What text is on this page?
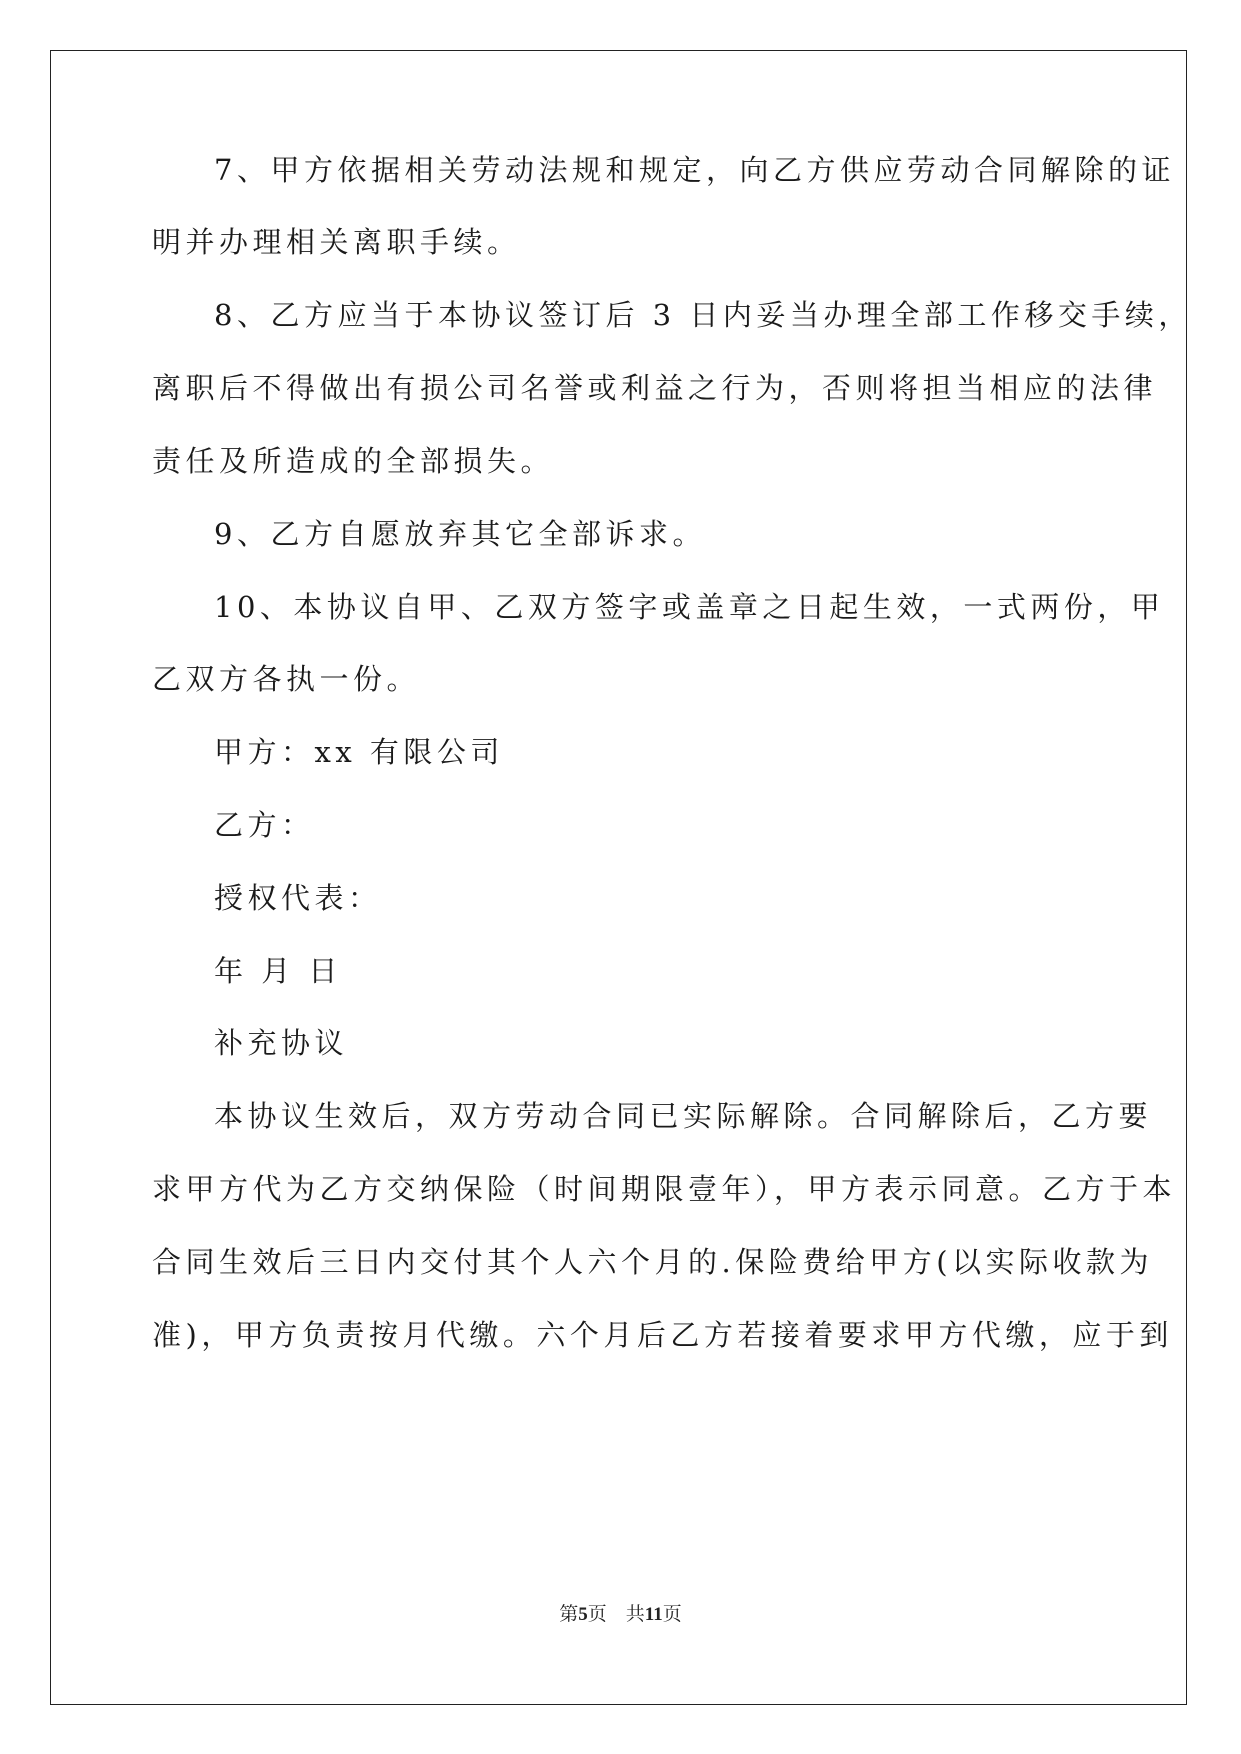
7、甲方依据相关劳动法规和规定，向乙方供应劳动合同解除的证
明并办理相关离职手续。
8、乙方应当于本协议签订后 3 日内妥当办理全部工作移交手续，
离职后不得做出有损公司名誉或利益之行为，否则将担当相应的法律
责任及所造成的全部损失。
9、乙方自愿放弃其它全部诉求。
10、本协议自甲、乙双方签字或盖章之日起生效，一式两份，甲
乙双方各执一份。
甲方：xx 有限公司
乙方：
授权代表：
年 月 日
补充协议
本协议生效后，双方劳动合同已实际解除。合同解除后，乙方要
求甲方代为乙方交纳保险（时间期限壹年），甲方表示同意。乙方于本
合同生效后三日内交付其个人六个月的.保险费给甲方(以实际收款为
准)，甲方负责按月代缴。六个月后乙方若接着要求甲方代缴，应于到
第5页　共11页
